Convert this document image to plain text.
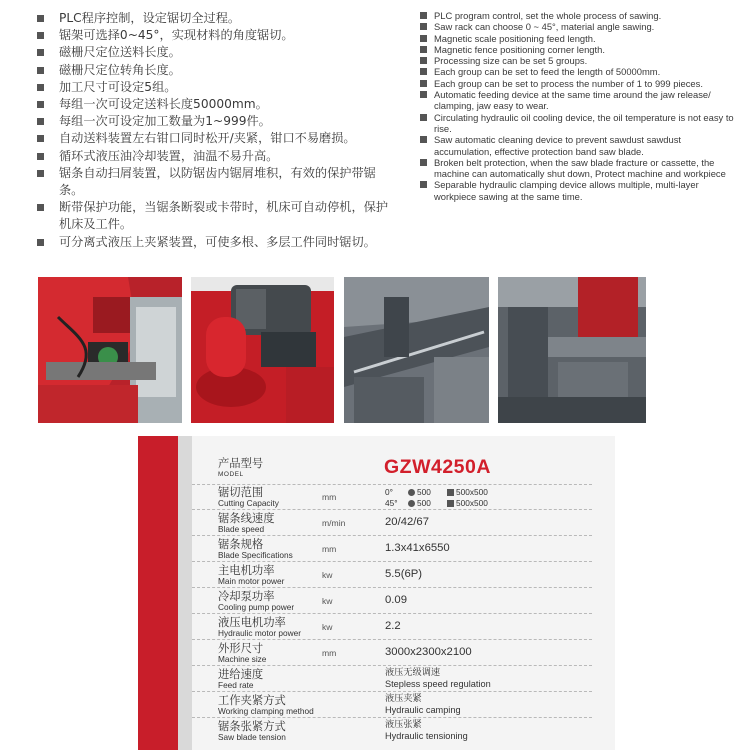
PLC程序控制，设定锯切全过程。
锯架可选择0~45°，实现材料的角度锯切。
磁栅尺定位送料长度。
磁栅尺定位转角长度。
加工尺寸可设定5组。
每组一次可设定送料长度50000mm。
每组一次可设定加工数量为1~999件。
自动送料装置左右钳口同时松开/夹紧，钳口不易磨损。
循环式液压油冷却装置，油温不易升高。
锯条自动扫屑装置，以防锯齿内锯屑堆积，有效的保护带锯条。
断带保护功能，当锯条断裂或卡带时，机床可自动停机，保护机床及工件。
可分离式液压上夹紧装置，可使多根、多层工件同时锯切。
PLC program control, set the whole process of sawing.
Saw rack can choose 0 ~ 45°, material angle sawing.
Magnetic scale positioning feed length.
Magnetic fence positioning corner length.
Processing size can be set 5 groups.
Each group can be set to feed the length of 50000mm.
Each group can be set to process the number of 1 to 999 pieces.
Automatic feeding device at the same time around the jaw release/ clamping, jaw easy to wear.
Circulating hydraulic oil cooling device, the oil temperature is not easy to rise.
Saw automatic cleaning device to prevent sawdust sawdust accumulation, effective protection band saw blade.
Broken belt protection, when the saw blade fracture or cassette, the machine can automatically shut down, Protect machine and workpiece
Separable hydraulic clamping device allows multiple, multi-layer workpiece sawing at the same time.
产品型号
MODEL	GZW4250A
锯切范围
Cutting Capacity
mm	0°	500	500x500
45°	500	500x500
锯条线速度
Blade speed
m/min	20/42/67
锯条规格
Blade Specifications
mm	1.3x41x6550
主电机功率
Main motor power
kw	5.5(6P)
冷却泵功率
Cooling pump power
kw	0.09
液压电机功率
Hydraulic motor power
kw	2.2
外形尺寸
Machine size
mm	3000x2300x2100
进给速度
Feed rate
液压无级调速
Stepless speed regulation
工作夹紧方式
Working clamping method
液压夹紧
Hydraulic camping
锯条张紧方式
Saw blade tension
液压张紧
Hydraulic tensioning
